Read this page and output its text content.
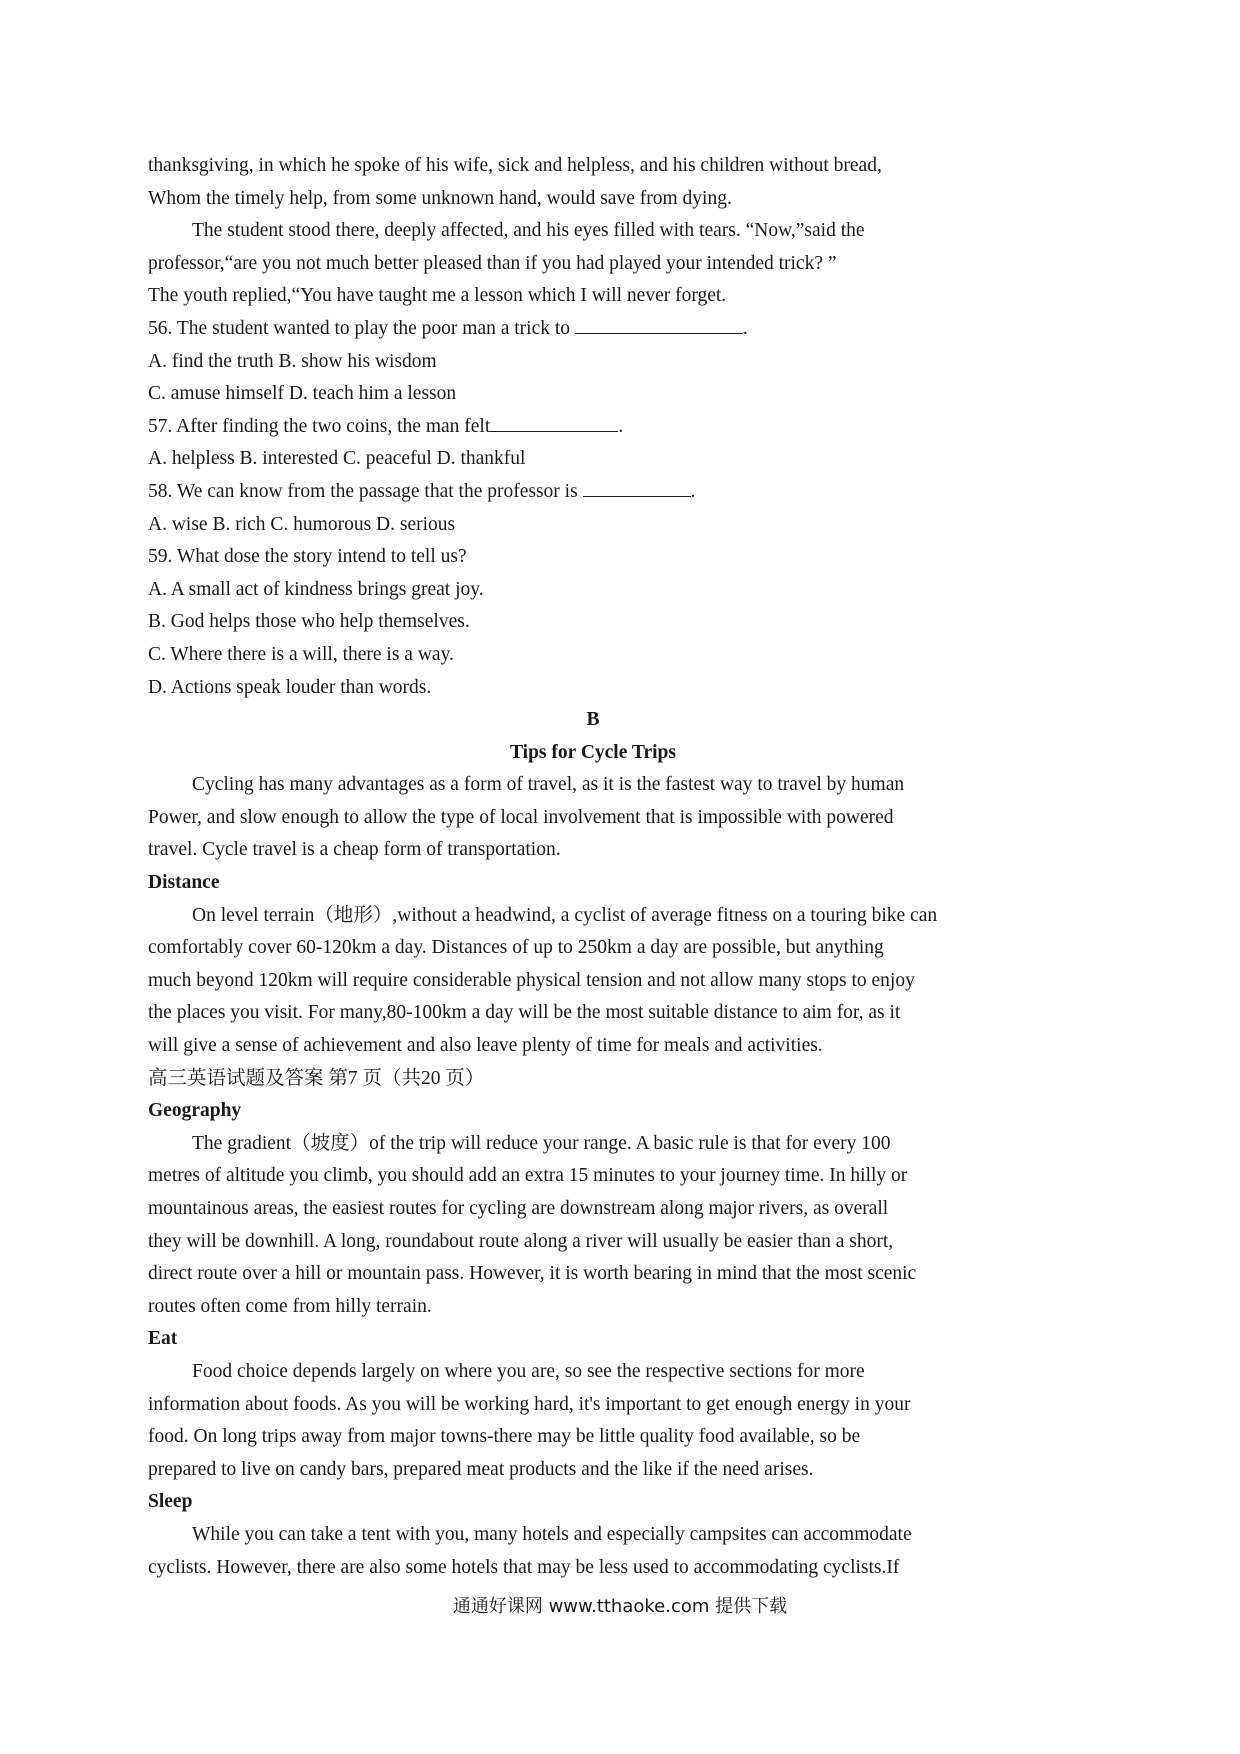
thanksgiving, in which he spoke of his wife, sick and helpless, and his children without bread,
Whom the timely help, from some unknown hand, would save from dying.
The student stood there, deeply affected, and his eyes filled with tears. “Now,”said the
professor,“are you not much better pleased than if you had played your intended trick? ”
The youth replied,“You have taught me a lesson which I will never forget.
56. The student wanted to play the poor man a trick to	.
A. find the truth B. show his wisdom
C. amuse himself D. teach him a lesson
57. After finding the two coins, the man felt	.
A. helpless B. interested C. peaceful D. thankful
58. We can know from the passage that the professor is	.
A. wise B. rich C. humorous D. serious
59. What dose the story intend to tell us?
A. A small act of kindness brings great joy.
B. God helps those who help themselves.
C. Where there is a will, there is a way.
D. Actions speak louder than words.
B
Tips for Cycle Trips
Cycling has many advantages as a form of travel, as it is the fastest way to travel by human
Power, and slow enough to allow the type of local involvement that is impossible with powered
travel. Cycle travel is a cheap form of transportation.
Distance
On level terrain（地形）,without a headwind, a cyclist of average fitness on a touring bike can
comfortably cover 60-120km a day. Distances of up to 250km a day are possible, but anything
much beyond 120km will require considerable physical tension and not allow many stops to enjoy
the places you visit. For many,80-100km a day will be the most suitable distance to aim for, as it
will give a sense of achievement and also leave plenty of time for meals and activities.
高三英语试题及答案 第7 页（共20 页）
Geography
The gradient（坡度）of the trip will reduce your range. A basic rule is that for every 100
metres of altitude you climb, you should add an extra 15 minutes to your journey time. In hilly or
mountainous areas, the easiest routes for cycling are downstream along major rivers, as overall
they will be downhill. A long, roundabout route along a river will usually be easier than a short,
direct route over a hill or mountain pass. However, it is worth bearing in mind that the most scenic
routes often come from hilly terrain.
Eat
Food choice depends largely on where you are, so see the respective sections for more
information about foods. As you will be working hard, it's important to get enough energy in your
food. On long trips away from major towns-there may be little quality food available, so be
prepared to live on candy bars, prepared meat products and the like if the need arises.
Sleep
While you can take a tent with you, many hotels and especially campsites can accommodate
cyclists. However, there are also some hotels that may be less used to accommodating cyclists.If
通通好课网 www.tthaoke.com 提供下载
